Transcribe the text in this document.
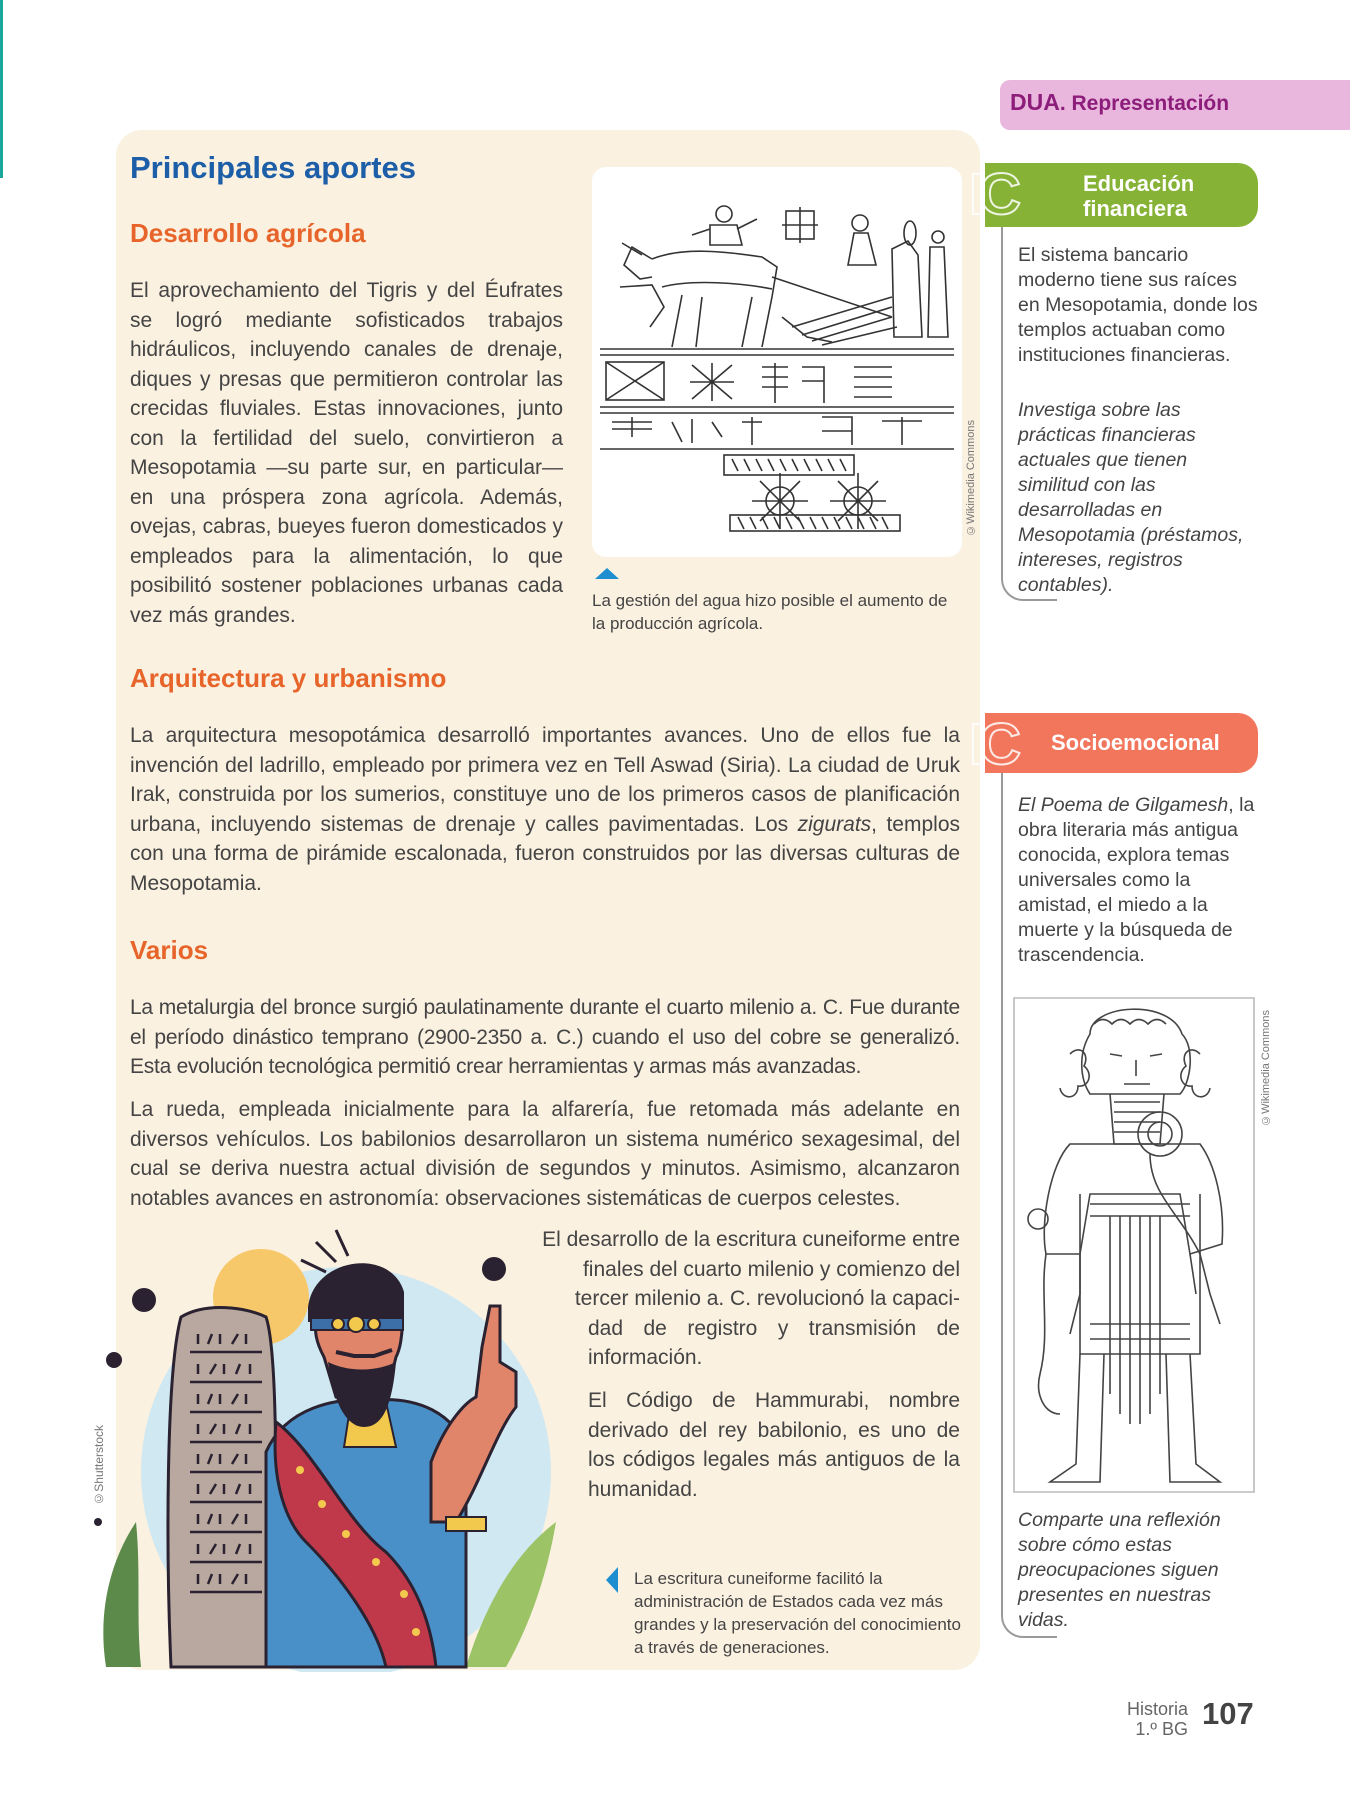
DUA. Representación
Principales aportes
Desarrollo agrícola
El aprovechamiento del Tigris y del Éufrates se logró mediante sofisticados trabajos hidráulicos, incluyendo canales de drenaje, diques y presas que permitieron controlar las crecidas fluviales. Estas innovaciones, junto con la fertilidad del suelo, convirtieron a Mesopotamia —su parte sur, en particular— en una próspera zona agrícola. Además, ovejas, cabras, bueyes fueron domesticados y empleados para la alimentación, lo que posibilitó sostener poblaciones urbanas cada vez más grandes.
©Wikimedia Commons
La gestión del agua hizo posible el aumento de la producción agrícola.
Arquitectura y urbanismo
La arquitectura mesopotámica desarrolló importantes avances. Uno de ellos fue la invención del ladrillo, empleado por primera vez en Tell Aswad (Siria). La ciudad de Uruk Irak, construida por los sumerios, constituye uno de los primeros casos de planificación urbana, incluyendo sistemas de drenaje y calles pavimentadas. Los zigurats, templos con una forma de pirámide escalonada, fueron construidos por las diversas culturas de Mesopotamia.
Varios
La metalurgia del bronce surgió paulatinamente durante el cuarto milenio a. C. Fue durante el período dinástico temprano (2900-2350 a. C.) cuando el uso del cobre se generalizó. Esta evolución tecnológica permitió crear herramientas y armas más avanzadas.
La rueda, empleada inicialmente para la alfarería, fue retomada más adelante en diversos vehículos. Los babilonios desarrollaron un sistema numérico sexagesimal, del cual se deriva nuestra actual división de segundos y minutos. Asimismo, alcanzaron notables avances en astronomía: observaciones sistemáticas de cuerpos celestes.
El desarrollo de la escritura cuneiforme entre
finales del cuarto milenio y comienzo del
tercer milenio a. C. revolucionó la capaci-
dad de registro y transmisión de
información.
El Código de Hammurabi, nombre derivado del rey babilonio, es uno de los códigos legales más antiguos de la humanidad.
©Shutterstock
La escritura cuneiforme facilitó la administración de Estados cada vez más grandes y la preservación del conocimiento a través de generaciones.
IC	Educación financiera
El sistema bancario moderno tiene sus raíces en Mesopotamia, donde los templos actuaban como instituciones financieras.
Investiga sobre las prácticas financieras actuales que tienen similitud con las desarrolladas en Mesopotamia (préstamos, intereses, registros contables).
IC Socioemocional
El Poema de Gilgamesh, la obra literaria más antigua conocida, explora temas universales como la amistad, el miedo a la muerte y la búsqueda de trascendencia.
©Wikimedia Commons
Comparte una reflexión sobre cómo estas preocupaciones siguen presentes en nuestras vidas.
Historia
1.º BG 107
